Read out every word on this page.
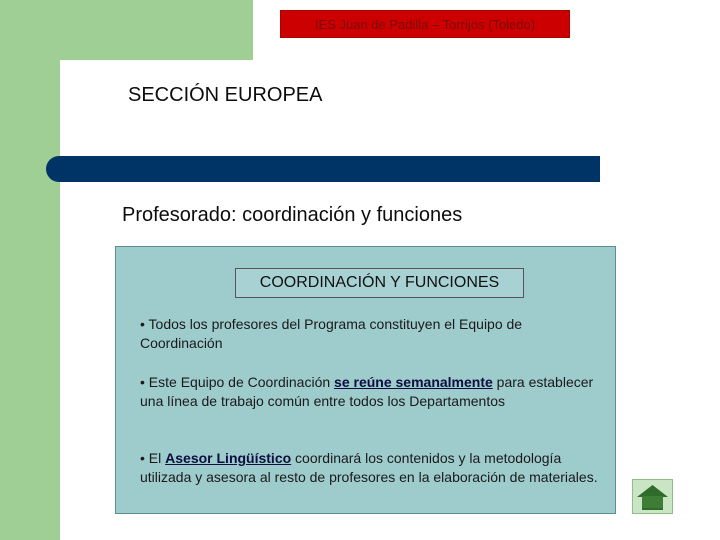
IES Juan de Padilla – Torrijos (Toledo)
SECCIÓN EUROPEA
Profesorado: coordinación y funciones
COORDINACIÓN Y FUNCIONES
• Todos los profesores del Programa constituyen el Equipo de Coordinación
• Este Equipo de Coordinación se reúne semanalmente para establecer una línea de trabajo común entre todos los Departamentos
• El Asesor Lingüístico coordinará los contenidos y la metodología utilizada y asesora al resto de profesores en la elaboración de materiales.
